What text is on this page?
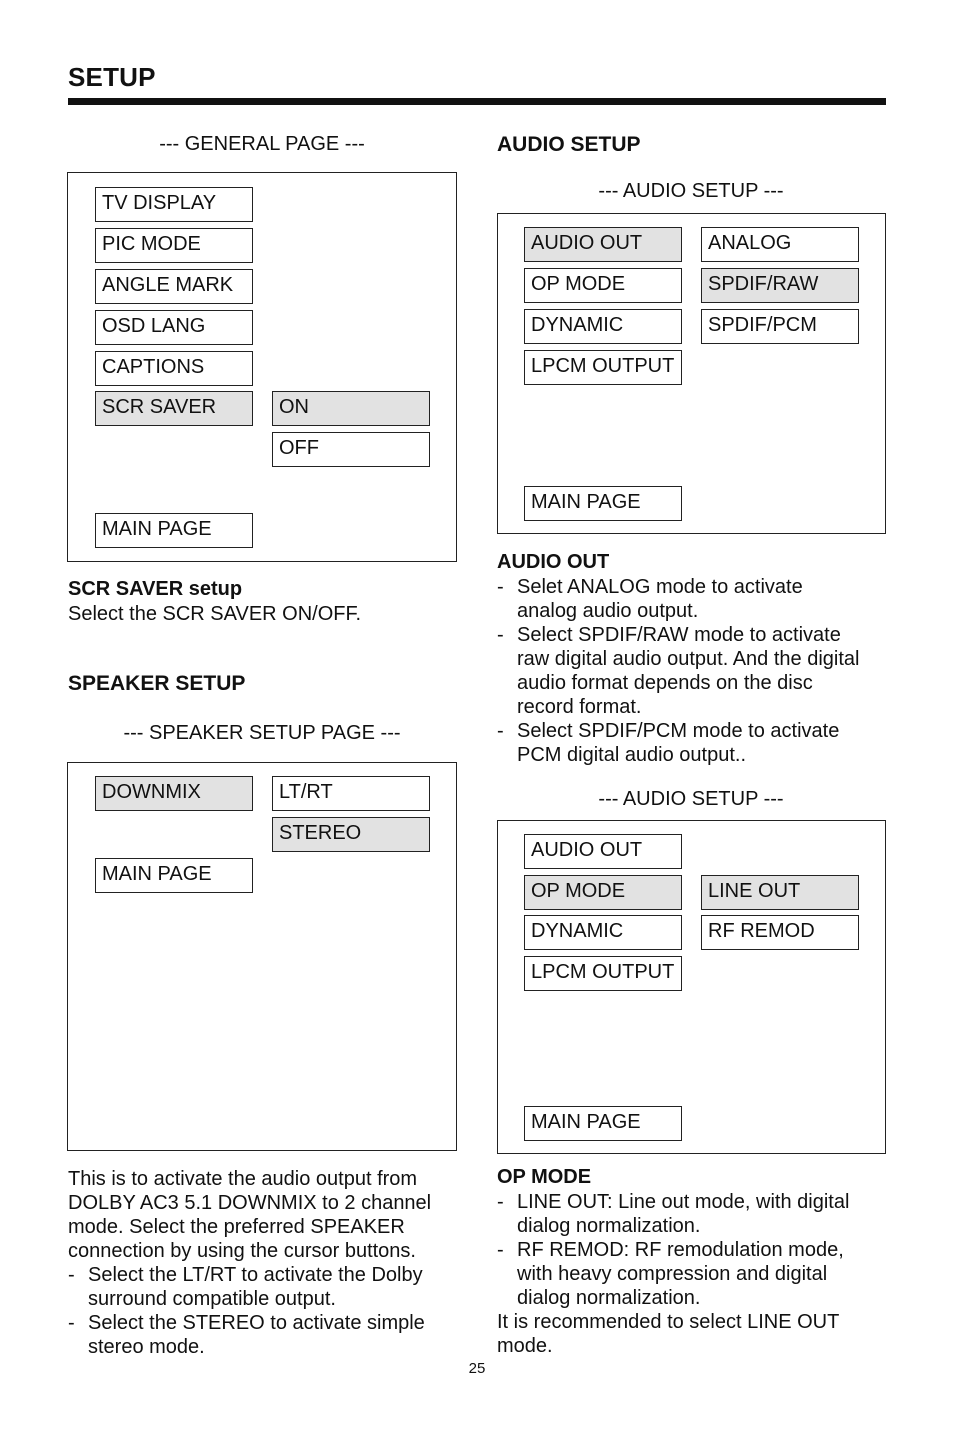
SETUP
--- GENERAL PAGE ---
TV DISPLAY
PIC MODE
ANGLE MARK
OSD LANG
CAPTIONS
SCR SAVER	ON
OFF
MAIN PAGE
SCR SAVER setup
Select the SCR SAVER ON/OFF.
SPEAKER SETUP
--- SPEAKER SETUP PAGE ---
DOWNMIX	LT/RT
STEREO
MAIN PAGE
This is to activate the audio output from
DOLBY AC3 5.1 DOWNMIX to 2 channel
mode. Select the preferred SPEAKER
connection by using the cursor buttons.
- Select the LT/RT to activate the Dolby
surround compatible output.
- Select the STEREO to activate simple
stereo mode.
AUDIO SETUP
--- AUDIO SETUP ---
AUDIO OUT
OP MODE
DYNAMIC
LPCM OUTPUT
ANALOG
SPDIF/RAW
SPDIF/PCM
MAIN PAGE
AUDIO OUT
- Selet ANALOG mode to activate
analog audio output.
- Select SPDIF/RAW mode to activate
raw digital audio output. And the digital
audio format depends on the disc
record format.
- Select SPDIF/PCM mode to activate
PCM digital audio output..
--- AUDIO SETUP ---
AUDIO OUT
OP MODE
DYNAMIC
LPCM OUTPUT
LINE OUT
RF REMOD
MAIN PAGE
OP MODE
- LINE OUT: Line out mode, with digital
dialog normalization.
- RF REMOD: RF remodulation mode,
with heavy compression and digital
dialog normalization.
It is recommended to select LINE OUT
mode.
25
